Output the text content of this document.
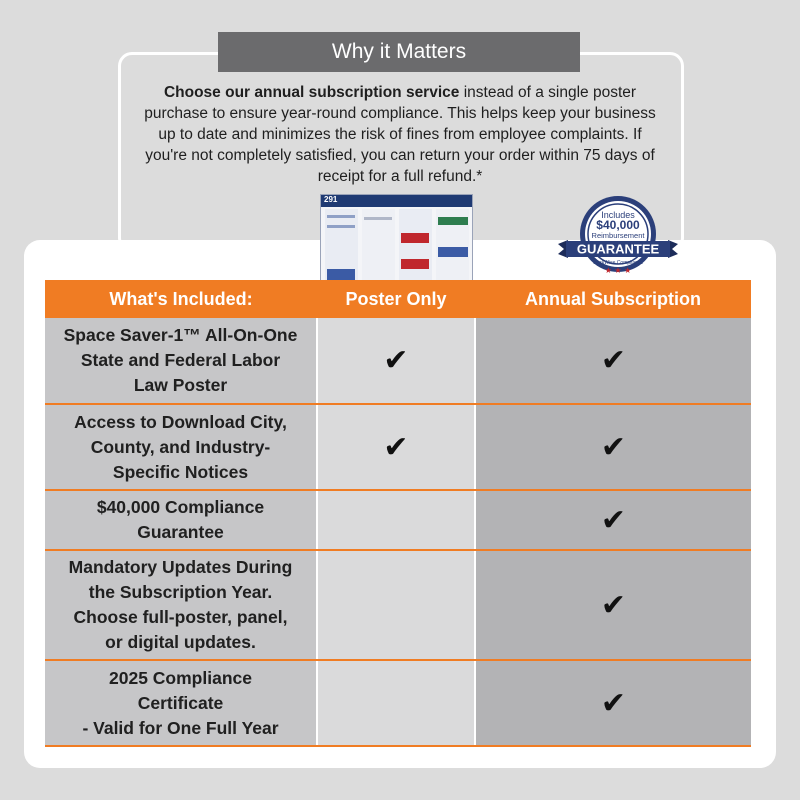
Why it Matters
Choose our annual subscription service instead of a single poster purchase to ensure year-round compliance. This helps keep your business up to date and minimizes the risk of fines from employee complaints. If you're not completely satisfied, you can return your order within 75 days of receipt for a full refund.*
291
Includes
$40,000
Reimbursement
GUARANTEE
WorkWise Compliance
★ ★ ★
What's Included:	Poster Only	Annual Subscription

Space Saver-1™ All-On-One
State and Federal Labor
Law Poster	✔	✔

Access to Download City,
County, and Industry-
Specific Notices	✔	✔

$40,000 Compliance
Guarantee		✔

Mandatory Updates During
the Subscription Year.
Choose full-poster, panel,
or digital updates.		✔

2025 Compliance
Certificate
- Valid for One Full Year		✔
